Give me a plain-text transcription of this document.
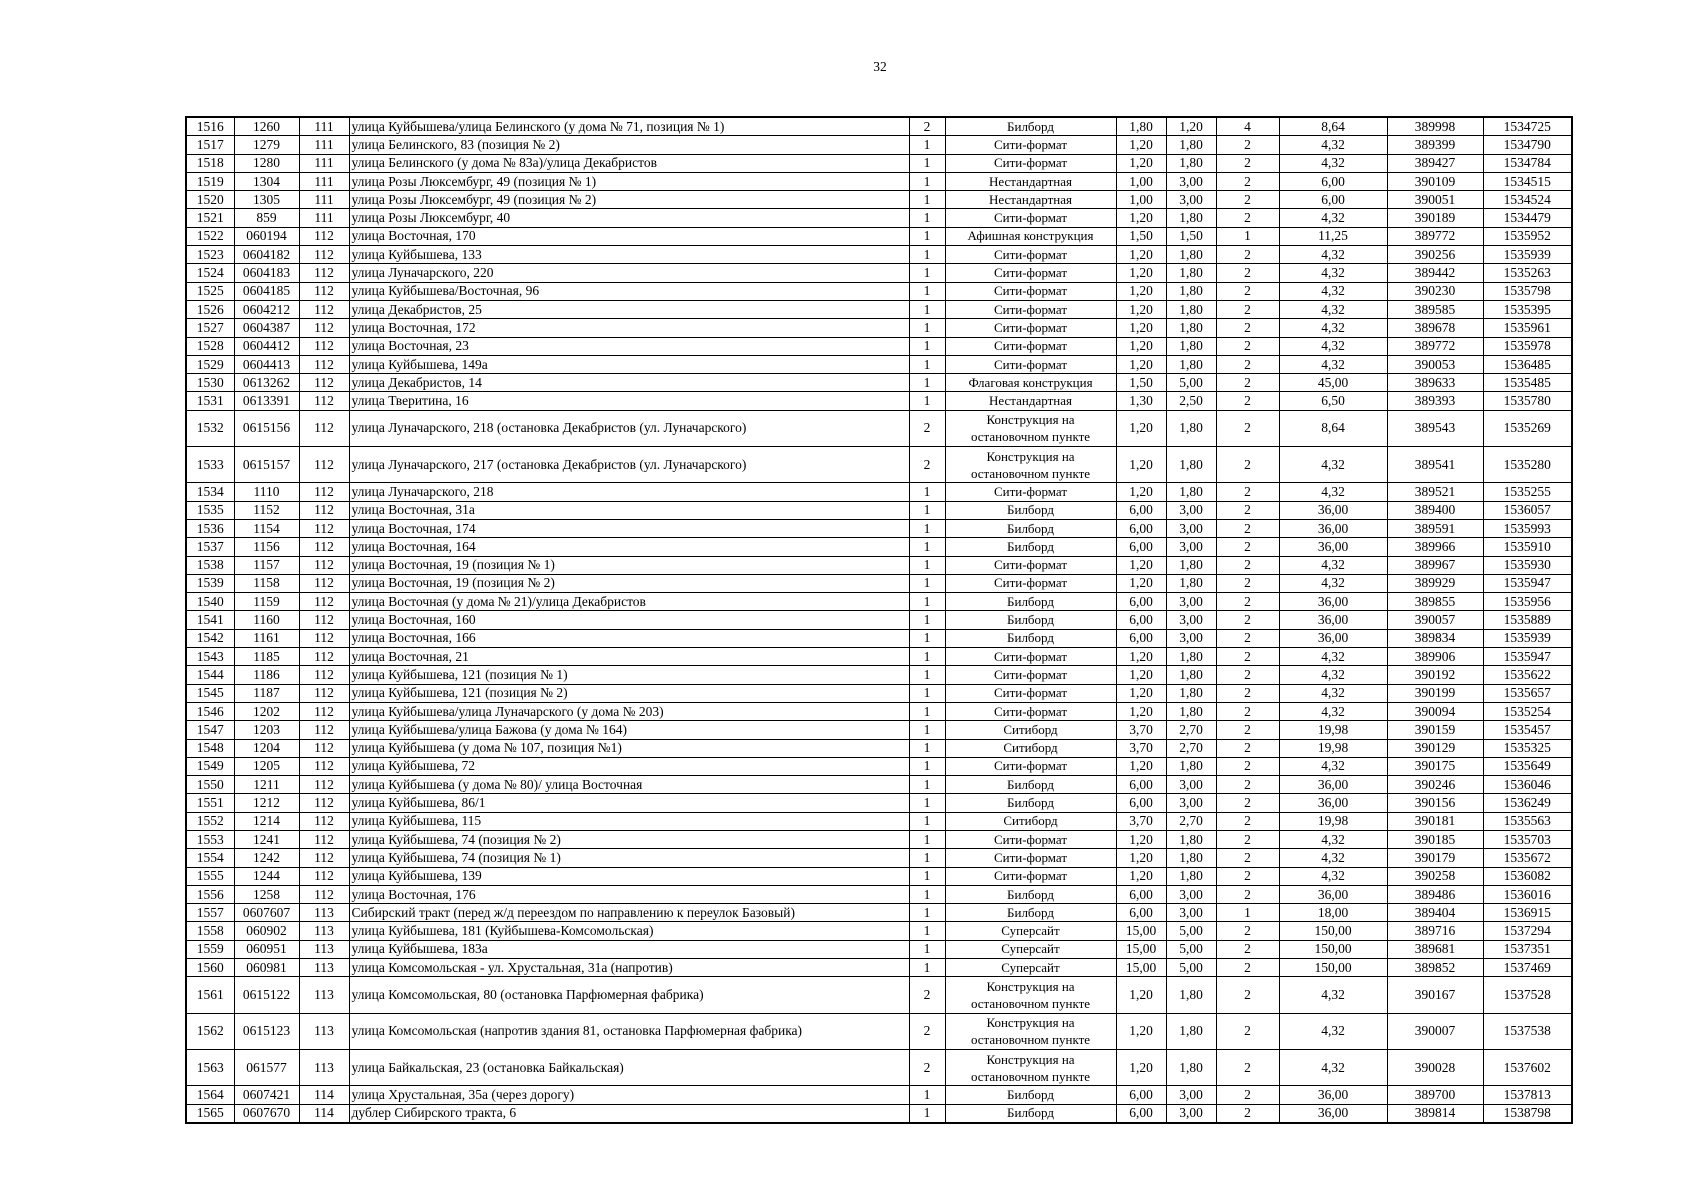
32
1516	1260	111	улица Куйбышева/улица Белинского (у дома № 71, позиция № 1)	2	Билборд	1,80	1,20	4	8,64	389998	1534725
1517	1279	111	улица Белинского, 83 (позиция № 2)	1	Сити-формат	1,20	1,80	2	4,32	389399	1534790
1518	1280	111	улица Белинского (у дома № 83а)/улица Декабристов	1	Сити-формат	1,20	1,80	2	4,32	389427	1534784
1519	1304	111	улица Розы Люксембург, 49 (позиция № 1)	1	Нестандартная	1,00	3,00	2	6,00	390109	1534515
1520	1305	111	улица Розы Люксембург, 49 (позиция № 2)	1	Нестандартная	1,00	3,00	2	6,00	390051	1534524
1521	859	111	улица Розы Люксембург, 40	1	Сити-формат	1,20	1,80	2	4,32	390189	1534479
1522	060194	112	улица Восточная, 170	1	Афишная конструкция	1,50	1,50	1	11,25	389772	1535952
1523	0604182	112	улица Куйбышева, 133	1	Сити-формат	1,20	1,80	2	4,32	390256	1535939
1524	0604183	112	улица Луначарского, 220	1	Сити-формат	1,20	1,80	2	4,32	389442	1535263
1525	0604185	112	улица Куйбышева/Восточная, 96	1	Сити-формат	1,20	1,80	2	4,32	390230	1535798
1526	0604212	112	улица Декабристов, 25	1	Сити-формат	1,20	1,80	2	4,32	389585	1535395
1527	0604387	112	улица Восточная, 172	1	Сити-формат	1,20	1,80	2	4,32	389678	1535961
1528	0604412	112	улица Восточная, 23	1	Сити-формат	1,20	1,80	2	4,32	389772	1535978
1529	0604413	112	улица Куйбышева, 149а	1	Сити-формат	1,20	1,80	2	4,32	390053	1536485
1530	0613262	112	улица Декабристов, 14	1	Флаговая конструкция	1,50	5,00	2	45,00	389633	1535485
1531	0613391	112	улица Тверитина, 16	1	Нестандартная	1,30	2,50	2	6,50	389393	1535780
1532	0615156	112	улица Луначарского, 218 (остановка Декабристов (ул. Луначарского)	2	Конструкция на остановочном пункте	1,20	1,80	2	8,64	389543	1535269
1533	0615157	112	улица Луначарского, 217 (остановка Декабристов (ул. Луначарского)	2	Конструкция на остановочном пункте	1,20	1,80	2	4,32	389541	1535280
1534	1110	112	улица Луначарского, 218	1	Сити-формат	1,20	1,80	2	4,32	389521	1535255
1535	1152	112	улица Восточная, 31а	1	Билборд	6,00	3,00	2	36,00	389400	1536057
1536	1154	112	улица Восточная, 174	1	Билборд	6,00	3,00	2	36,00	389591	1535993
1537	1156	112	улица Восточная, 164	1	Билборд	6,00	3,00	2	36,00	389966	1535910
1538	1157	112	улица Восточная, 19 (позиция № 1)	1	Сити-формат	1,20	1,80	2	4,32	389967	1535930
1539	1158	112	улица Восточная, 19 (позиция № 2)	1	Сити-формат	1,20	1,80	2	4,32	389929	1535947
1540	1159	112	улица Восточная (у дома № 21)/улица Декабристов	1	Билборд	6,00	3,00	2	36,00	389855	1535956
1541	1160	112	улица Восточная, 160	1	Билборд	6,00	3,00	2	36,00	390057	1535889
1542	1161	112	улица Восточная, 166	1	Билборд	6,00	3,00	2	36,00	389834	1535939
1543	1185	112	улица Восточная, 21	1	Сити-формат	1,20	1,80	2	4,32	389906	1535947
1544	1186	112	улица Куйбышева, 121 (позиция № 1)	1	Сити-формат	1,20	1,80	2	4,32	390192	1535622
1545	1187	112	улица Куйбышева, 121 (позиция № 2)	1	Сити-формат	1,20	1,80	2	4,32	390199	1535657
1546	1202	112	улица Куйбышева/улица Луначарского (у дома № 203)	1	Сити-формат	1,20	1,80	2	4,32	390094	1535254
1547	1203	112	улица Куйбышева/улица Бажова (у дома № 164)	1	Ситиборд	3,70	2,70	2	19,98	390159	1535457
1548	1204	112	улица Куйбышева (у дома № 107, позиция №1)	1	Ситиборд	3,70	2,70	2	19,98	390129	1535325
1549	1205	112	улица Куйбышева, 72	1	Сити-формат	1,20	1,80	2	4,32	390175	1535649
1550	1211	112	улица Куйбышева (у дома № 80)/ улица Восточная	1	Билборд	6,00	3,00	2	36,00	390246	1536046
1551	1212	112	улица Куйбышева, 86/1	1	Билборд	6,00	3,00	2	36,00	390156	1536249
1552	1214	112	улица Куйбышева, 115	1	Ситиборд	3,70	2,70	2	19,98	390181	1535563
1553	1241	112	улица Куйбышева, 74 (позиция № 2)	1	Сити-формат	1,20	1,80	2	4,32	390185	1535703
1554	1242	112	улица Куйбышева, 74 (позиция № 1)	1	Сити-формат	1,20	1,80	2	4,32	390179	1535672
1555	1244	112	улица Куйбышева, 139	1	Сити-формат	1,20	1,80	2	4,32	390258	1536082
1556	1258	112	улица Восточная, 176	1	Билборд	6,00	3,00	2	36,00	389486	1536016
1557	0607607	113	Сибирский тракт (перед ж/д переездом по направлению к переулок Базовый)	1	Билборд	6,00	3,00	1	18,00	389404	1536915
1558	060902	113	улица Куйбышева, 181 (Куйбышева-Комсомольская)	1	Суперсайт	15,00	5,00	2	150,00	389716	1537294
1559	060951	113	улица Куйбышева, 183а	1	Суперсайт	15,00	5,00	2	150,00	389681	1537351
1560	060981	113	улица Комсомольская - ул. Хрустальная, 31а (напротив)	1	Суперсайт	15,00	5,00	2	150,00	389852	1537469
1561	0615122	113	улица Комсомольская, 80 (остановка Парфюмерная фабрика)	2	Конструкция на остановочном пункте	1,20	1,80	2	4,32	390167	1537528
1562	0615123	113	улица Комсомольская (напротив здания 81, остановка Парфюмерная фабрика)	2	Конструкция на остановочном пункте	1,20	1,80	2	4,32	390007	1537538
1563	061577	113	улица Байкальская, 23 (остановка Байкальская)	2	Конструкция на остановочном пункте	1,20	1,80	2	4,32	390028	1537602
1564	0607421	114	улица Хрустальная, 35а (через дорогу)	1	Билборд	6,00	3,00	2	36,00	389700	1537813
1565	0607670	114	дублер Сибирского тракта, 6	1	Билборд	6,00	3,00	2	36,00	389814	1538798
